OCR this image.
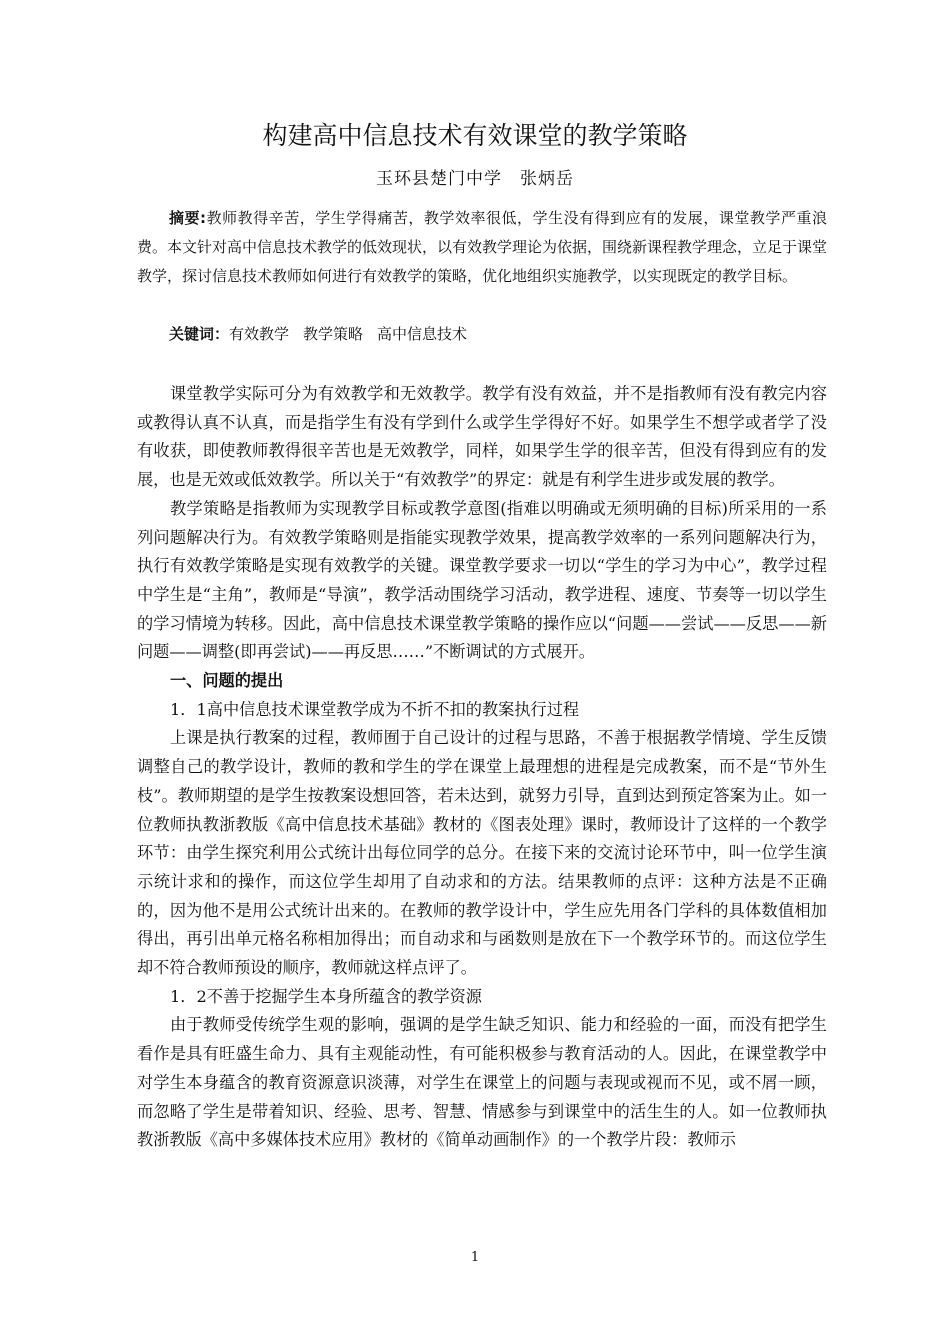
构建高中信息技术有效课堂的教学策略
玉环县楚门中学　张炳岳
摘要:教师教得辛苦，学生学得痛苦，教学效率很低，学生没有得到应有的发展，课堂教学严重浪费。本文针对高中信息技术教学的低效现状，以有效教学理论为依据，围绕新课程教学理念，立足于课堂教学，探讨信息技术教师如何进行有效教学的策略，优化地组织实施教学，以实现既定的教学目标。
关键词：有效教学 教学策略 高中信息技术

课堂教学实际可分为有效教学和无效教学。教学有没有效益，并不是指教师有没有教完内容或教得认真不认真，而是指学生有没有学到什么或学生学得好不好。如果学生不想学或者学了没有收获，即使教师教得很辛苦也是无效教学，同样，如果学生学的很辛苦，但没有得到应有的发展，也是无效或低效教学。所以关于“有效教学”的界定：就是有利学生进步或发展的教学。

教学策略是指教师为实现教学目标或教学意图(指难以明确或无须明确的目标)所采用的一系列问题解决行为。有效教学策略则是指能实现教学效果，提高教学效率的一系列问题解决行为，执行有效教学策略是实现有效教学的关键。课堂教学要求一切以“学生的学习为中心”，教学过程中学生是“主角”，教师是“导演”，教学活动围绕学习活动，教学进程、速度、节奏等一切以学生的学习情境为转移。因此，高中信息技术课堂教学策略的操作应以“问题——尝试——反思——新问题——调整(即再尝试)——再反思……”不断调试的方式展开。

一、问题的提出

1．1高中信息技术课堂教学成为不折不扣的教案执行过程

上课是执行教案的过程，教师囿于自己设计的过程与思路，不善于根据教学情境、学生反馈调整自己的教学设计，教师的教和学生的学在课堂上最理想的进程是完成教案，而不是“节外生枝”。教师期望的是学生按教案设想回答，若未达到，就努力引导，直到达到预定答案为止。如一位教师执教浙教版《高中信息技术基础》教材的《图表处理》课时，教师设计了这样的一个教学环节：由学生探究利用公式统计出每位同学的总分。在接下来的交流讨论环节中，叫一位学生演示统计求和的操作，而这位学生却用了自动求和的方法。结果教师的点评：这种方法是不正确的，因为他不是用公式统计出来的。在教师的教学设计中，学生应先用各门学科的具体数值相加得出，再引出单元格名称相加得出；而自动求和与函数则是放在下一个教学环节的。而这位学生却不符合教师预设的顺序，教师就这样点评了。

1．2不善于挖掘学生本身所蕴含的教学资源

由于教师受传统学生观的影响，强调的是学生缺乏知识、能力和经验的一面，而没有把学生看作是具有旺盛生命力、具有主观能动性，有可能积极参与教育活动的人。因此，在课堂教学中对学生本身蕴含的教育资源意识淡薄，对学生在课堂上的问题与表现或视而不见，或不屑一顾，而忽略了学生是带着知识、经验、思考、智慧、情感参与到课堂中的活生生的人。如一位教师执教浙教版《高中多媒体技术应用》教材的《简单动画制作》的一个教学片段：教师示

1
